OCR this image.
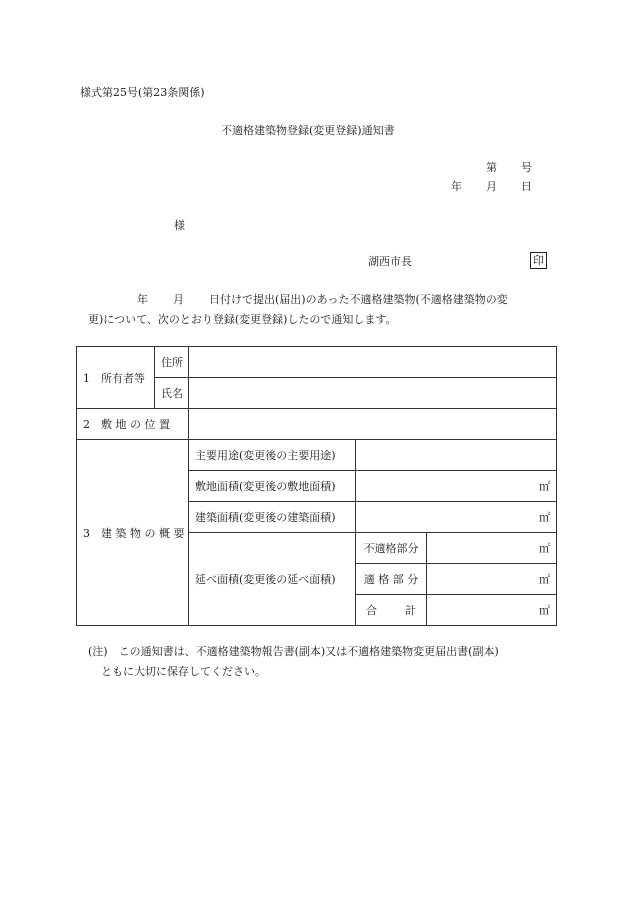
様式第25号(第23条関係)
不適格建築物登録(変更登録)通知書
第 号
年 月 日
様
湖西市長	印
年 月 日付けで提出(届出)のあった不適格建築物(不適格建築物の変
更)について、次のとおり登録(変更登録)したので通知します。
1　所有者等	住所			
	氏名			
2　敷 地 の 位 置				
3　建 築 物 の 概 要		主要用途(変更後の主要用途)		
		敷地面積(変更後の敷地面積)	㎡	
		建築面積(変更後の建築面積)	㎡	
		延べ面積(変更後の延べ面積)	不適格部分	㎡
			適 格 部 分	㎡

			合 計	㎡
(注)　この通知書は、不適格建築物報告書(副本)又は不適格建築物変更届出書(副本)
ともに大切に保存してください。
